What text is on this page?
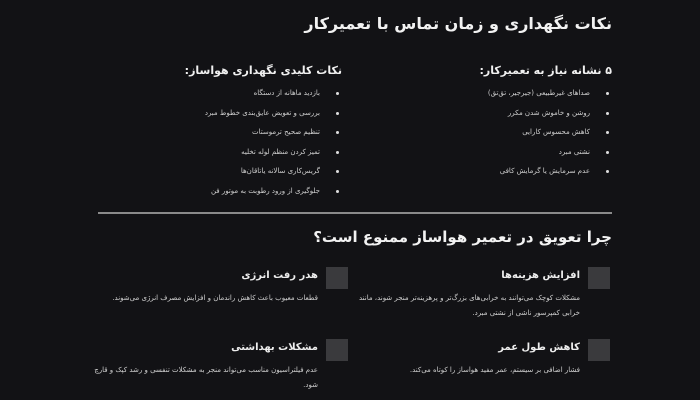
نکات نگهداری و زمان تماس با تعمیرکار
۵ نشانه نیاز به تعمیرکار:
صداهای غیرطبیعی (جیرجیر، تق‌تق)
روشن و خاموش شدن مکرر
کاهش محسوس کارایی
نشتی مبرد
عدم سرمایش یا گرمایش کافی
نکات کلیدی نگهداری هواساز:
بازدید ماهانه از دستگاه
بررسی و تعویض عایق‌بندی خطوط مبرد
تنظیم صحیح ترموستات
تمیز کردن منظم لوله تخلیه
گریس‌کاری سالانه یاتاقان‌ها
جلوگیری از ورود رطوبت به موتور فن
چرا تعویق در تعمیر هواساز ممنوع است؟
افزایش هزینه‌ها
مشکلات کوچک می‌توانند به خرابی‌های بزرگ‌تر و پرهزینه‌تر منجر شوند، مانند خرابی کمپرسور ناشی از نشتی مبرد.
هدر رفت انرژی
قطعات معیوب باعث کاهش راندمان و افزایش مصرف انرژی می‌شوند.
کاهش طول عمر
فشار اضافی بر سیستم، عمر مفید هواساز را کوتاه می‌کند.
مشکلات بهداشتی
عدم فیلتراسیون مناسب می‌تواند منجر به مشکلات تنفسی و رشد کپک و قارچ شود.
